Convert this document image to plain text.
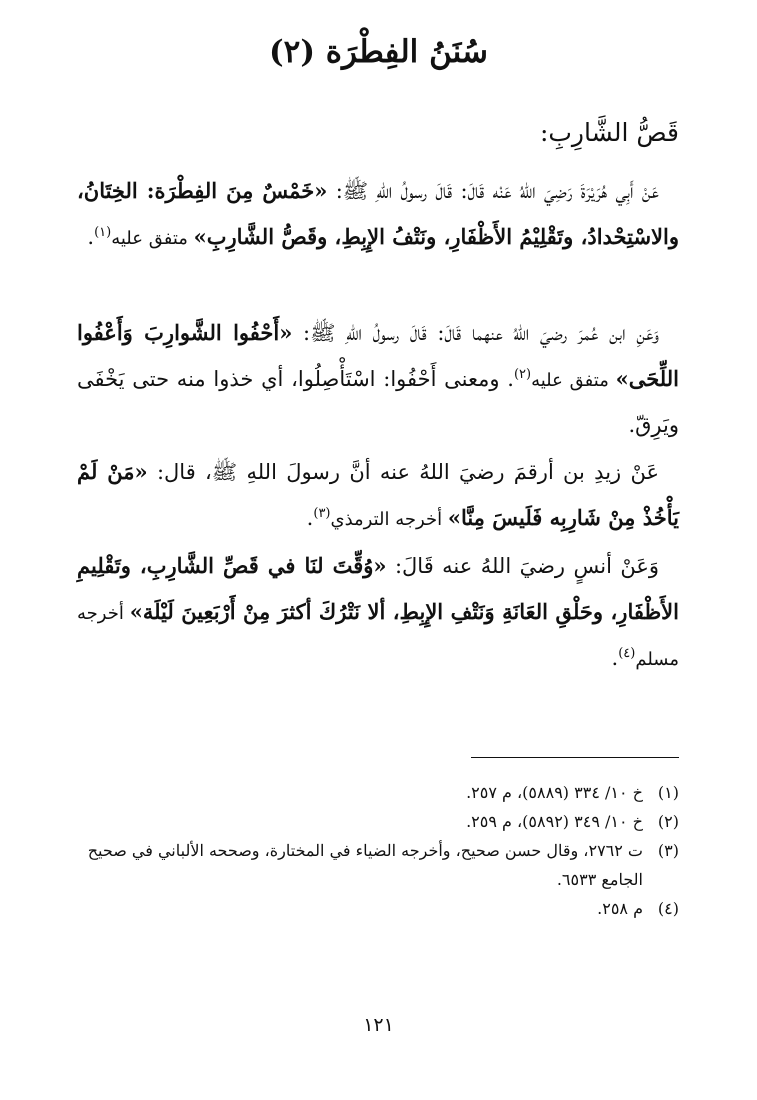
سُنَنُ الفِطْرَة (٢)
قَصُّ الشَّارِبِ:
عَنْ أَبِي هُرَيْرَةَ رَضِيَ اللهُ عَنْه قَالَ: قَالَ رسولُ اللهِ ﷺ: «خَمْسٌ مِنَ الفِطْرَة: الخِتَانُ، والاسْتِحْدادُ، وتَقْلِيْمُ الأَظْفَارِ، ونَتْفُ الإِبِطِ، وقَصُّ الشَّارِبِ» متفق عليه$^{(١)}$.
وَعَنِ ابن عُمرَ رضيَ اللهُ عنهما قَالَ: قَالَ رسولُ اللهِ ﷺ: «أَحْفُوا الشَّوارِبَ وَأَعْفُوا اللِّحَى» متفق عليه$^{(٢)}$. ومعنى أَحْفُوا: اسْتَأْصِلُوا، أي خذوا منه حتى يَخْفَى ويَرِقّ.
عَنْ زيدِ بن أرقمَ رضيَ اللهُ عنه أنَّ رسولَ اللهِ ﷺ، قال: «مَنْ لَمْ يَأْخُذْ مِنْ شَارِبِه فَلَيسَ مِنَّا» أخرجه الترمذي$^{(٣)}$.
وَعَنْ أنسٍ رضيَ اللهُ عنه قَالَ: «وُقِّتَ لنَا في قَصِّ الشَّارِبِ، وتَقْلِيمِ الأَظْفَارِ، وحَلْقِ العَانَةِ وَنَتْفِ الإِبِطِ، ألا نَتْرُكَ أكثرَ مِنْ أَرْبَعِينَ لَيْلَة» أخرجه مسلم$^{(٤)}$.
(١)
خ ١٠/ ٣٣٤ (٥٨٨٩)، م ٢٥٧.
(٢)
خ ١٠/ ٣٤٩ (٥٨٩٢)، م ٢٥٩.
(٣)
ت ٢٧٦٢، وقال حسن صحيح، وأخرجه الضياء في المختارة، وصححه الألباني في صحيح الجامع ٦٥٣٣.
(٤)
م ٢٥٨.
١٢١
